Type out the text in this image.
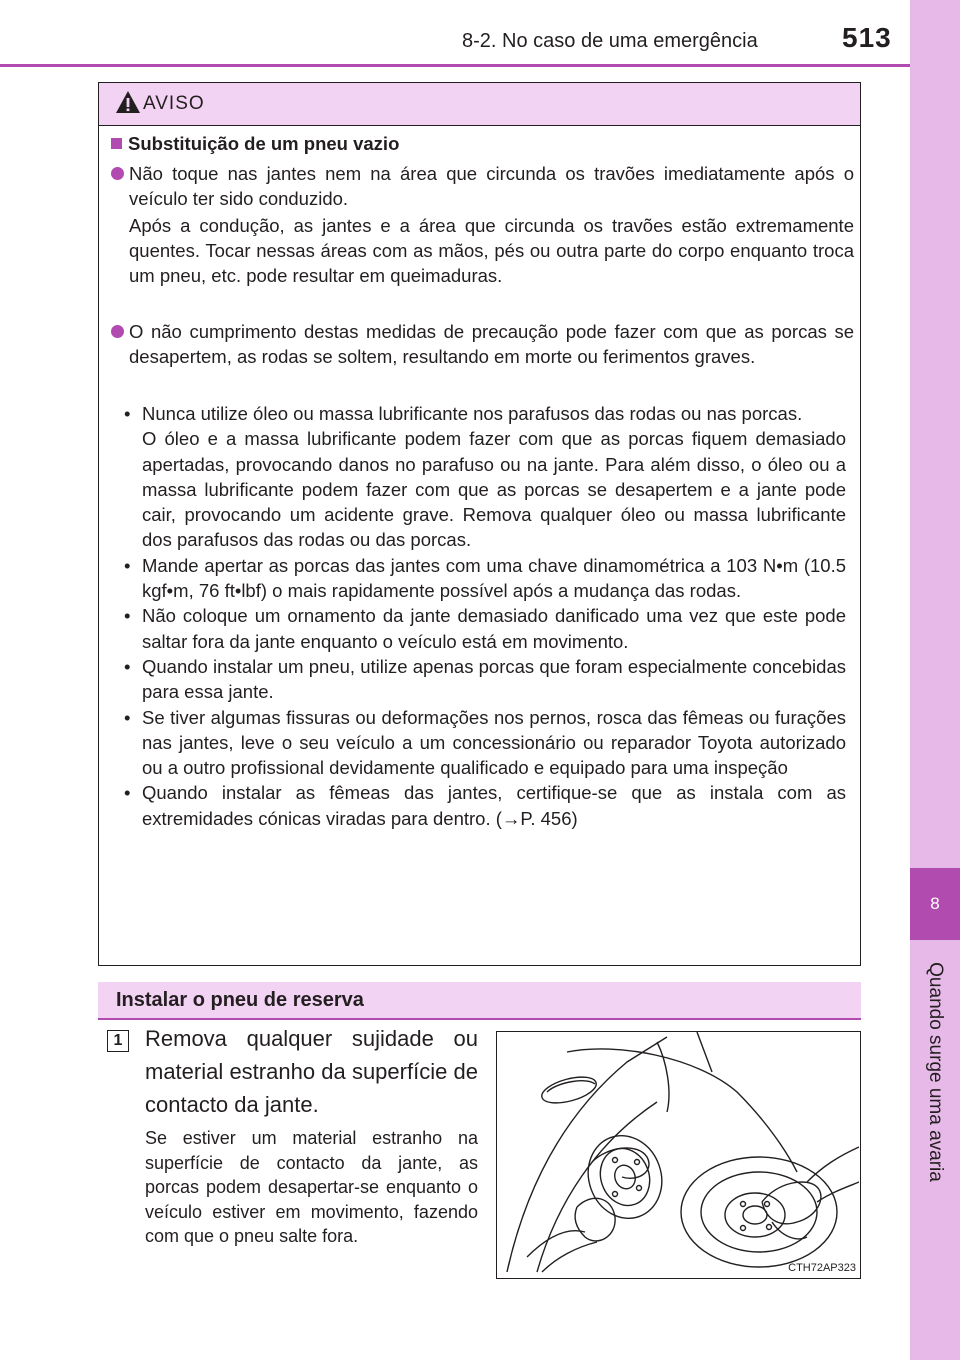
8-2. No caso de uma emergência	513
8
Quando surge uma avaria
AVISO
Substituição de um pneu vazio
Não toque nas jantes nem na área que circunda os travões imediatamente após o veículo ter sido conduzido.
Após a condução, as jantes e a área que circunda os travões estão extremamente quentes. Tocar nessas áreas com as mãos, pés ou outra parte do corpo enquanto troca um pneu, etc. pode resultar em queimaduras.
O não cumprimento destas medidas de precaução pode fazer com que as porcas se desapertem, as rodas se soltem, resultando em morte ou ferimentos graves.
• Nunca utilize óleo ou massa lubrificante nos parafusos das rodas ou nas porcas.
O óleo e a massa lubrificante podem fazer com que as porcas fiquem demasiado apertadas, provocando danos no parafuso ou na jante. Para além disso, o óleo ou a massa lubrificante podem fazer com que as porcas se desapertem e a jante pode cair, provocando um acidente grave. Remova qualquer óleo ou massa lubrificante dos parafusos das rodas ou das porcas.
• Mande apertar as porcas das jantes com uma chave dinamométrica a 103 N•m (10.5 kgf•m, 76 ft•lbf) o mais rapidamente possível após a mudança das rodas.
• Não coloque um ornamento da jante demasiado danificado uma vez que este pode saltar fora da jante enquanto o veículo está em movimento.
• Quando instalar um pneu, utilize apenas porcas que foram especialmente concebidas para essa jante.
• Se tiver algumas fissuras ou deformações nos pernos, rosca das fêmeas ou furações nas jantes, leve o seu veículo a um concessionário ou reparador Toyota autorizado ou a outro profissional devidamente qualificado e equipado para uma inspeção
• Quando instalar as fêmeas das jantes, certifique-se que as instala com as extremidades cónicas viradas para dentro. (→P. 456)
Instalar o pneu de reserva
1 Remova qualquer sujidade ou material estranho da superfície de contacto da jante.
Se estiver um material estranho na superfície de contacto da jante, as porcas podem desapertar-se enquanto o veículo estiver em movimento, fazendo com que o pneu salte fora.
CTH72AP323
